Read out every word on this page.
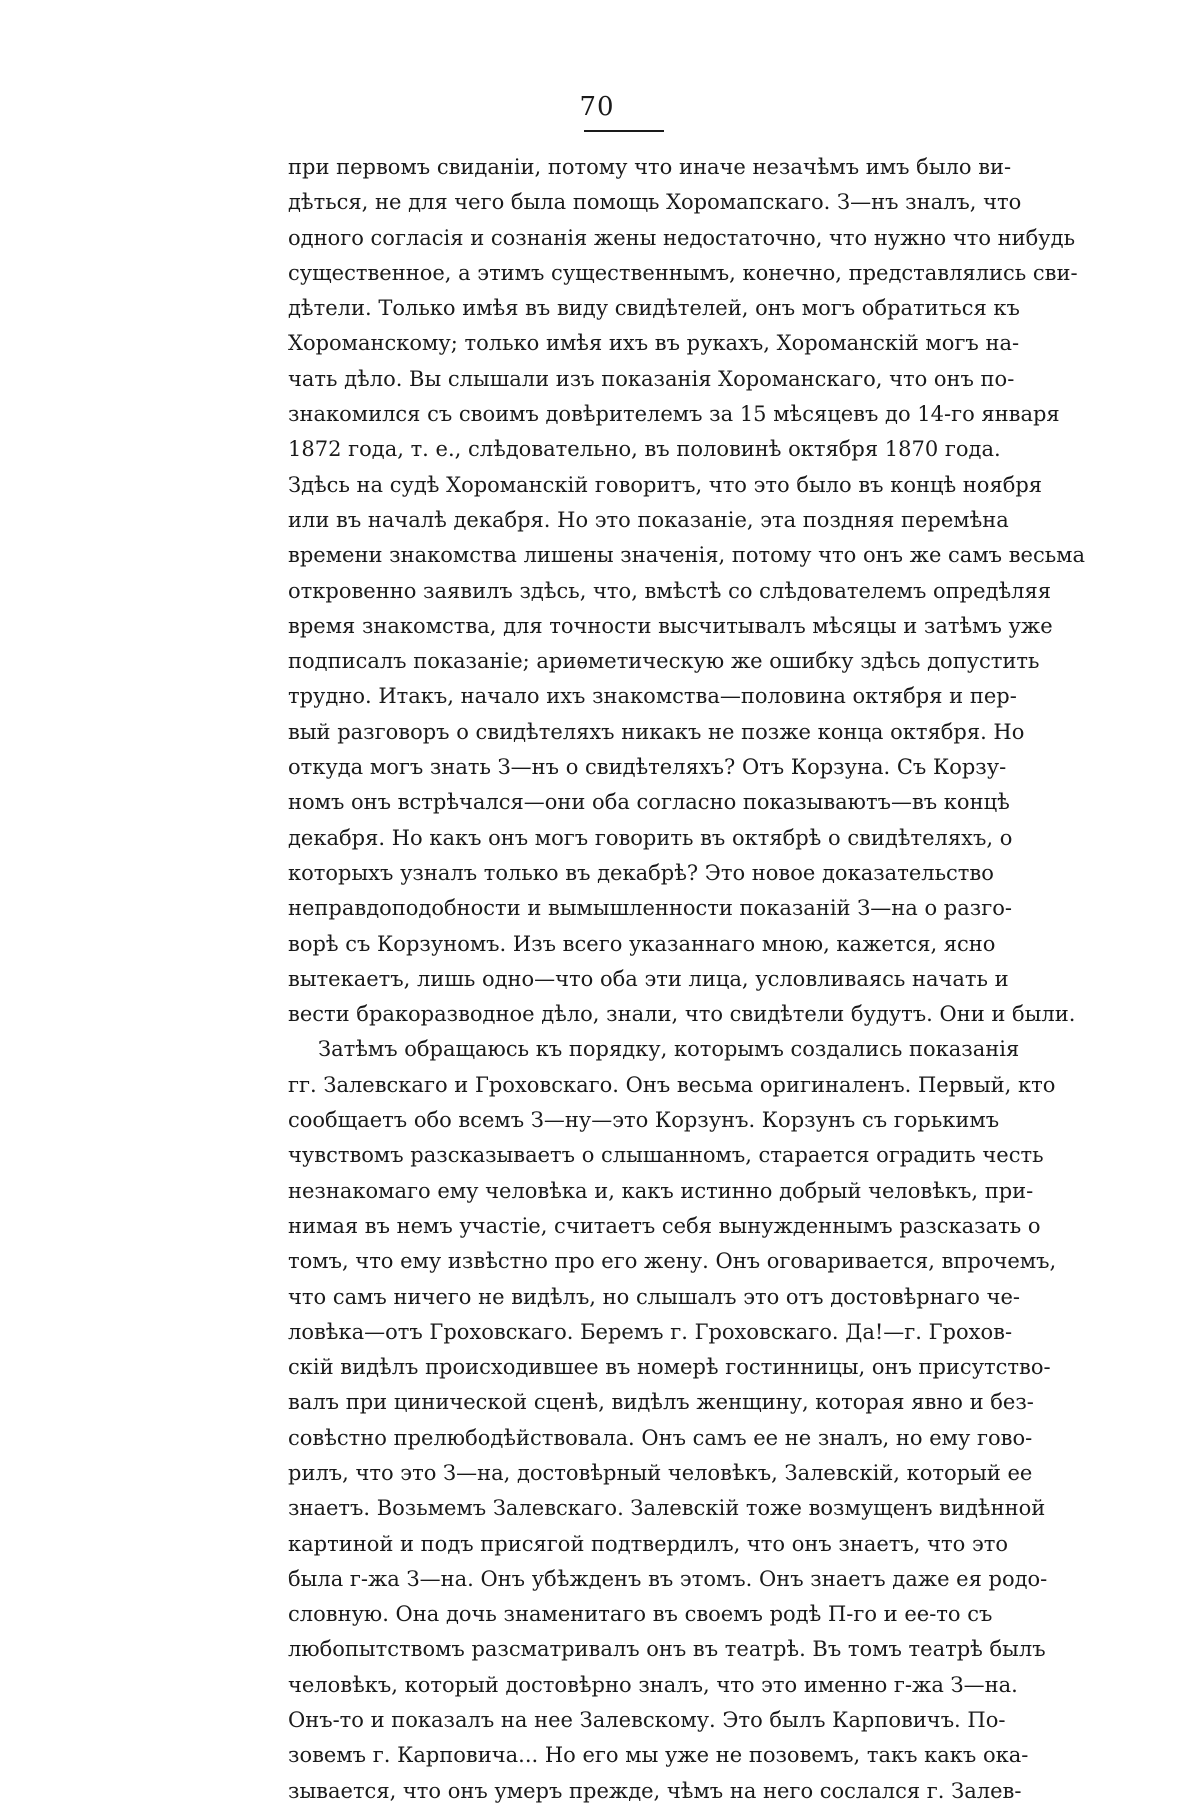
70
при первомъ свиданіи, потому что иначе незачѣмъ имъ было ви-
дѣться, не для чего была помощь Хоромапскаго. З—нъ зналъ, что
одного согласія и сознанія жены недостаточно, что нужно что нибудь
существенное, а этимъ существеннымъ, конечно, представлялись сви-
дѣтели. Только имѣя въ виду свидѣтелей, онъ могъ обратиться къ
Хороманскому; только имѣя ихъ въ рукахъ, Хороманскій могъ на-
чать дѣло. Вы слышали изъ показанія Хороманскаго, что онъ по-
знакомился съ своимъ довѣрителемъ за 15 мѣсяцевъ до 14-го января
1872 года, т. е., слѣдовательно, въ половинѣ октября 1870 года.
Здѣсь на судѣ Хороманскій говоритъ, что это было въ концѣ ноября
или въ началѣ декабря. Но это показаніе, эта поздняя перемѣна
времени знакомства лишены значенія, потому что онъ же самъ весьма
откровенно заявилъ здѣсь, что, вмѣстѣ со слѣдователемъ опредѣляя
время знакомства, для точности высчитывалъ мѣсяцы и затѣмъ уже
подписалъ показаніе; ариѳметическую же ошибку здѣсь допустить
трудно. Итакъ, начало ихъ знакомства—половина октября и пер-
вый разговоръ о свидѣтеляхъ никакъ не позже конца октября. Но
откуда могъ знать З—нъ о свидѣтеляхъ? Отъ Корзуна. Съ Корзу-
номъ онъ встрѣчался—они оба согласно показываютъ—въ концѣ
декабря. Но какъ онъ могъ говорить въ октябрѣ о свидѣтеляхъ, о
которыхъ узналъ только въ декабрѣ? Это новое доказательство
неправдоподобности и вымышленности показаній З—на о разго-
ворѣ съ Корзуномъ. Изъ всего указаннаго мною, кажется, ясно
вытекаетъ, лишь одно—что оба эти лица, условливаясь начать и
вести бракоразводное дѣло, знали, что свидѣтели будутъ. Они и были.
Затѣмъ обращаюсь къ порядку, которымъ создались показанія
гг. Залевскаго и Гроховскаго. Онъ весьма оригиналенъ. Первый, кто
сообщаетъ обо всемъ З—ну—это Корзунъ. Корзунъ съ горькимъ
чувствомъ разсказываетъ о слышанномъ, старается оградить честь
незнакомаго ему человѣка и, какъ истинно добрый человѣкъ, при-
нимая въ немъ участіе, считаетъ себя вынужденнымъ разсказать о
томъ, что ему извѣстно про его жену. Онъ оговаривается, впрочемъ,
что самъ ничего не видѣлъ, но слышалъ это отъ достовѣрнаго че-
ловѣка—отъ Гроховскаго. Беремъ г. Гроховскаго. Да!—г. Грохов-
скій видѣлъ происходившее въ номерѣ гостинницы, онъ присутство-
валъ при цинической сценѣ, видѣлъ женщину, которая явно и без-
совѣстно прелюбодѣйствовала. Онъ самъ ее не зналъ, но ему гово-
рилъ, что это З—на, достовѣрный человѣкъ, Залевскій, который ее
знаетъ. Возьмемъ Залевскаго. Залевскій тоже возмущенъ видѣнной
картиной и подъ присягой подтвердилъ, что онъ знаетъ, что это
была г-жа З—на. Онъ убѣжденъ въ этомъ. Онъ знаетъ даже ея родо-
словную. Она дочь знаменитаго въ своемъ родѣ П-го и ее-то съ
любопытствомъ разсматривалъ онъ въ театрѣ. Въ томъ театрѣ былъ
человѣкъ, который достовѣрно зналъ, что это именно г-жа З—на.
Онъ-то и показалъ на нее Залевскому. Это былъ Карповичъ. По-
зовемъ г. Карповича... Но его мы уже не позовемъ, такъ какъ ока-
зывается, что онъ умеръ прежде, чѣмъ на него сослался г. Залев-
